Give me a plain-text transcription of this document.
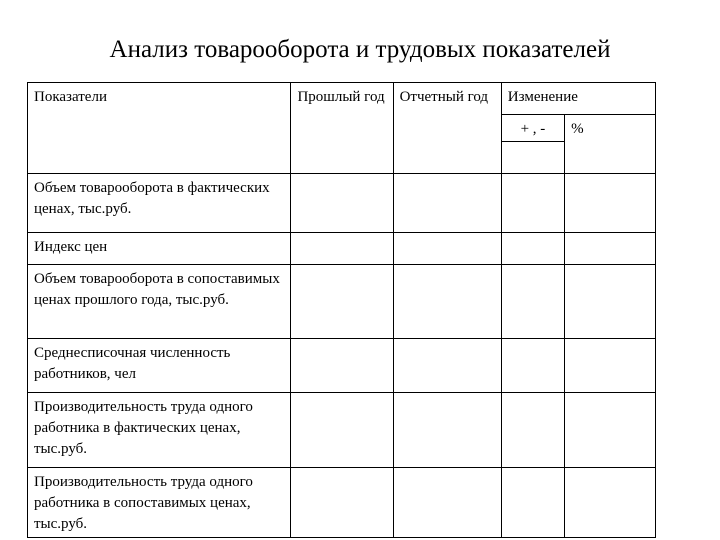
Анализ товарооборота и трудовых показателей
Показатели	Прошлый год	Отчетный год	Изменение	
			+ , -	%

Объем товарооборота в фактических ценах, тыс.руб.				
Индекс цен				
Объем товарооборота в сопоставимых ценах прошлого года, тыс.руб.				
Среднесписочная численность работников, чел				
Производительность труда одного работника в фактических ценах, тыс.руб.				
Производительность труда одного работника в сопоставимых ценах, тыс.руб.				
